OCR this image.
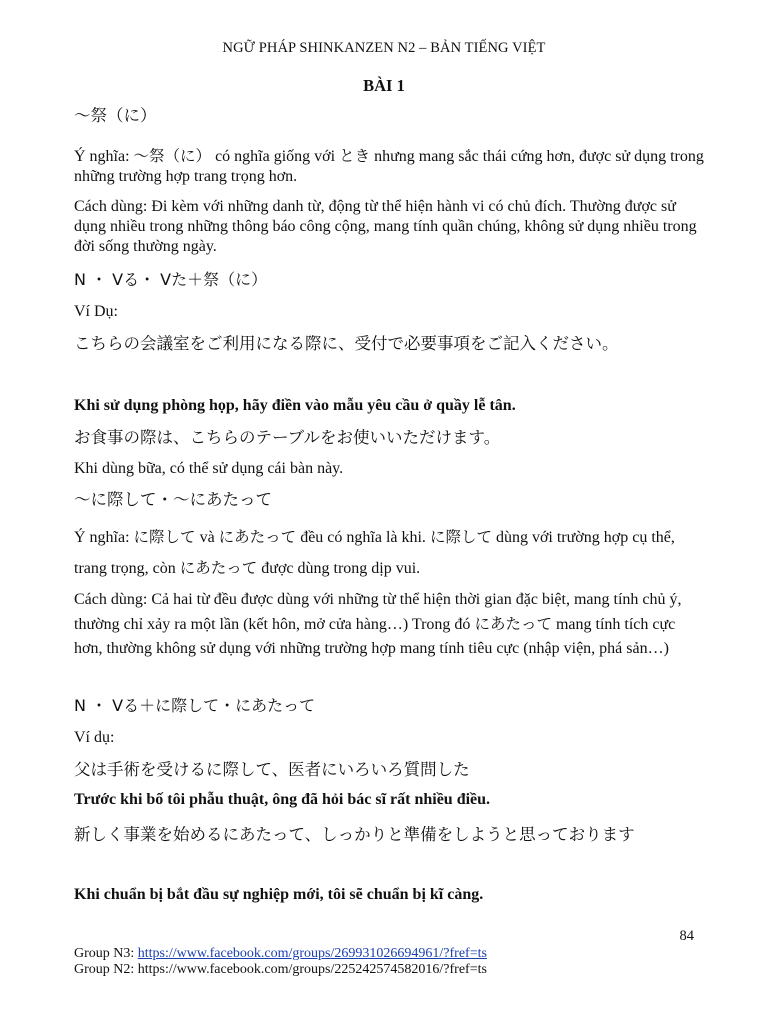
NGỮ PHÁP SHINKANZEN N2 – BẢN TIẾNG VIỆT
BÀI 1
〜祭（に）
Ý nghĩa: 〜祭（に） có nghĩa giống với とき nhưng mang sắc thái cứng hơn, được sử dụng trong những trường hợp trang trọng hơn.
Cách dùng: Đi kèm với những danh từ, động từ thể hiện hành vi có chủ đích. Thường được sử dụng nhiều trong những thông báo công cộng, mang tính quần chúng, không sử dụng nhiều trong đời sống thường ngày.
N ・ Vる・ Vた＋祭（に）
Ví Dụ:
こちらの会議室をご利用になる際に、受付で必要事項をご記入ください。
Khi sử dụng phòng họp, hãy điền vào mẫu yêu cầu ở quầy lễ tân.
お食事の際は、こちらのテーブルをお使いいただけます。
Khi dùng bữa, có thể sử dụng cái bàn này.
〜に際して・〜にあたって
Ý nghĩa: に際して và にあたって đều có nghĩa là khi. に際して dùng với trường hợp cụ thể, trang trọng, còn にあたって được dùng trong dịp vui.
Cách dùng: Cả hai từ đều được dùng với những từ thể hiện thời gian đặc biệt, mang tính chủ ý, thường chỉ xảy ra một lần (kết hôn, mở cửa hàng…) Trong đó にあたって mang tính tích cực hơn, thường không sử dụng với những trường hợp mang tính tiêu cực (nhập viện, phá sản…)
N ・ Vる＋に際して・にあたって
Ví dụ:
父は手術を受けるに際して、医者にいろいろ質問した
Trước khi bố tôi phẫu thuật, ông đã hỏi bác sĩ rất nhiều điều.
新しく事業を始めるにあたって、しっかりと準備をしようと思っております
Khi chuẩn bị bắt đầu sự nghiệp mới, tôi sẽ chuẩn bị kĩ càng.
84
Group N3: https://www.facebook.com/groups/269931026694961/?fref=ts
Group N2: https://www.facebook.com/groups/225242574582016/?fref=ts
